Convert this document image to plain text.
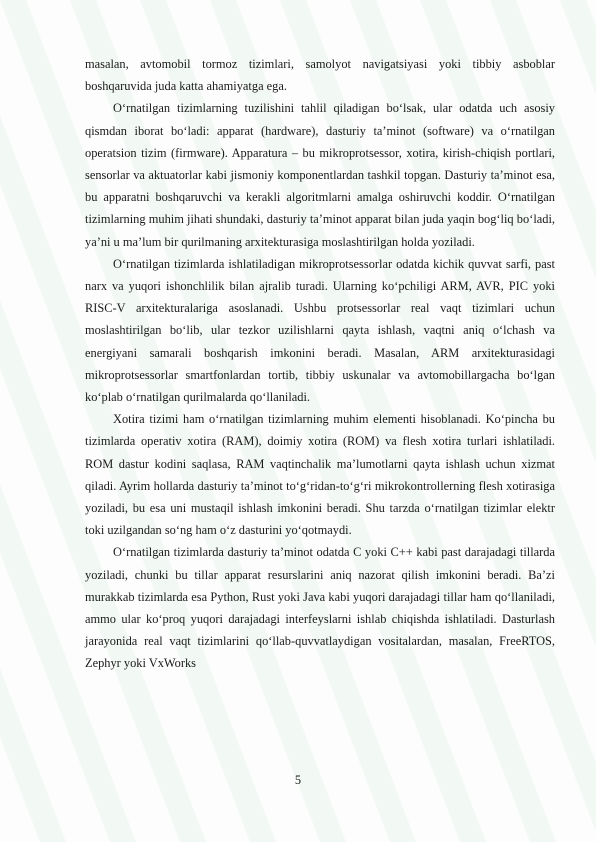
masalan, avtomobil tormoz tizimlari, samolyot navigatsiyasi yoki tibbiy asboblar boshqaruvida juda katta ahamiyatga ega.

O‘rnatilgan tizimlarning tuzilishini tahlil qiladigan bo‘lsak, ular odatda uch asosiy qismdan iborat bo‘ladi: apparat (hardware), dasturiy ta’minot (software) va o‘rnatilgan operatsion tizim (firmware). Apparatura – bu mikroprotsessor, xotira, kirish-chiqish portlari, sensorlar va aktuatorlar kabi jismoniy komponentlardan tashkil topgan. Dasturiy ta’minot esa, bu apparatni boshqaruvchi va kerakli algoritmlarni amalga oshiruvchi koddir. O‘rnatilgan tizimlarning muhim jihati shundaki, dasturiy ta’minot apparat bilan juda yaqin bog‘liq bo‘ladi, ya’ni u ma’lum bir qurilmaning arxitekturasiga moslashtirilgan holda yoziladi.

O‘rnatilgan tizimlarda ishlatiladigan mikroprotsessorlar odatda kichik quvvat sarfi, past narx va yuqori ishonchlilik bilan ajralib turadi. Ularning ko‘pchiligi ARM, AVR, PIC yoki RISC-V arxitekturalariga asoslanadi. Ushbu protsessorlar real vaqt tizimlari uchun moslashtirilgan bo‘lib, ular tezkor uzilishlarni qayta ishlash, vaqtni aniq o‘lchash va energiyani samarali boshqarish imkonini beradi. Masalan, ARM arxitekturasidagi mikroprotsessorlar smartfonlardan tortib, tibbiy uskunalar va avtomobillargacha bo‘lgan ko‘plab o‘rnatilgan qurilmalarda qo‘llaniladi.

Xotira tizimi ham o‘rnatilgan tizimlarning muhim elementi hisoblanadi. Ko‘pincha bu tizimlarda operativ xotira (RAM), doimiy xotira (ROM) va flesh xotira turlari ishlatiladi. ROM dastur kodini saqlasa, RAM vaqtinchalik ma’lumotlarni qayta ishlash uchun xizmat qiladi. Ayrim hollarda dasturiy ta’minot to‘g‘ridan-to‘g‘ri mikrokontrollerning flesh xotirasiga yoziladi, bu esa uni mustaqil ishlash imkonini beradi. Shu tarzda o‘rnatilgan tizimlar elektr toki uzilgandan so‘ng ham o‘z dasturini yo‘qotmaydi.

O‘rnatilgan tizimlarda dasturiy ta’minot odatda C yoki C++ kabi past darajadagi tillarda yoziladi, chunki bu tillar apparat resurslarini aniq nazorat qilish imkonini beradi. Ba’zi murakkab tizimlarda esa Python, Rust yoki Java kabi yuqori darajadagi tillar ham qo‘llaniladi, ammo ular ko‘proq yuqori darajadagi interfeyslarni ishlab chiqishda ishlatiladi. Dasturlash jarayonida real vaqt tizimlarini qo‘llab-quvvatlaydigan vositalardan, masalan, FreeRTOS, Zephyr yoki VxWorks

5
